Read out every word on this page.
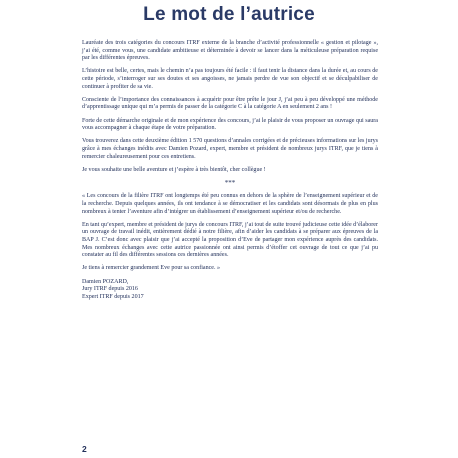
Le mot de l’autrice

Lauréate des trois catégories du concours ITRF externe de la branche d’activité professionnelle « gestion et pilotage », j’ai été, comme vous, une candidate ambitieuse et déterminée à devoir se lancer dans la méticuleuse préparation requise par les différentes épreuves.

L’histoire est belle, certes, mais le chemin n’a pas toujours été facile : il faut tenir la distance dans la durée et, au cours de cette période, s’interroger sur ses doutes et ses angoisses, ne jamais perdre de vue son objectif et se déculpabiliser de continuer à profiter de sa vie.

Consciente de l’importance des connaissances à acquérir pour être prête le jour J, j’ai peu à peu développé une méthode d’apprentissage unique qui m’a permis de passer de la catégorie C à la catégorie A en seulement 2 ans !

Forte de cette démarche originale et de mon expérience des concours, j’ai le plaisir de vous proposer un ouvrage qui saura vous accompagner à chaque étape de votre préparation.

Vous trouverez dans cette deuxième édition 1 570 questions d’annales corrigées et de précieuses informations sur les jurys grâce à mes échanges inédits avec Damien Pozard, expert, membre et président de nombreux jurys ITRF, que je tiens à remercier chaleureusement pour ces entretiens.

Je vous souhaite une belle aventure et j’espère à très bientôt, cher collègue !

***

« Les concours de la filière ITRF ont longtemps été peu connus en dehors de la sphère de l’enseignement supérieur et de la recherche. Depuis quelques années, ils ont tendance à se démocratiser et les candidats sont désormais de plus en plus nombreux à tenter l’aventure afin d’intégrer un établissement d’enseignement supérieur et/ou de recherche.

En tant qu’expert, membre et président de jurys de concours ITRF, j’ai tout de suite trouvé judicieuse cette idée d’élaborer un ouvrage de travail inédit, entièrement dédié à notre filière, afin d’aider les candidats à se préparer aux épreuves de la BAP J. C’est donc avec plaisir que j’ai accepté la proposition d’Eve de partager mon expérience auprès des candidats. Mes nombreux échanges avec cette autrice passionnée ont ainsi permis d’étoffer cet ouvrage de tout ce que j’ai pu constater au fil des différentes sessions ces dernières années.

Je tiens à remercier grandement Eve pour sa confiance. »

Damien POZARD,

Jury ITRF depuis 2016

Expert ITRF depuis 2017

2
